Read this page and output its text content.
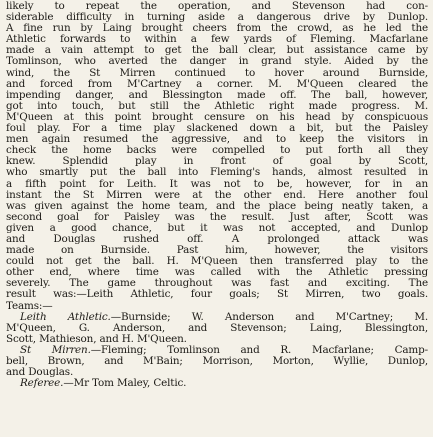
likely to repeat the operation, and Stevenson had con-
siderable difficulty in turning aside a dangerous drive by Dunlop.
A fine run by Laing brought cheers from the crowd, as he led the
Athletic forwards to within a few yards of Fleming. Macfarlane
made a vain attempt to get the ball clear, but assistance came by
Tomlinson, who averted the danger in grand style. Aided by the
wind, the St Mirren continued to hover around Burnside,
and forced from M'Cartney a corner. M. M'Queen cleared the
impending danger, and Blessington made off. The ball, however,
got into touch, but still the Athletic right made progress. M.
M'Queen at this point brought censure on his head by conspicuous
foul play. For a time play slackened down a bit, but the Paisley
men again resumed the aggressive, and to keep the visitors in
check the home backs were compelled to put forth all they
knew. Splendid play in front of goal by Scott,
who smartly put the ball into Fleming's hands, almost resulted in
a fifth point for Leith. It was not to be, however, for in an
instant the St Mirren were at the other end. Here another foul
was given against the home team, and the place being neatly taken, a
second goal for Paisley was the result. Just after, Scott was
given a good chance, but it was not accepted, and Dunlop
and Douglas rushed off. A prolonged attack was
made on Burnside. Past him, however, the visitors
could not get the ball. H. M'Queen then transferred play to the
other end, where time was called with the Athletic pressing
severely. The game throughout was fast and exciting. The
result was:—Leith Athletic, four goals; St Mirren, two goals.
Teams:—
Leith Athletic.—Burnside; W. Anderson and M'Cartney; M.
M'Queen, G. Anderson, and Stevenson; Laing, Blessington,
Scott, Mathieson, and H. M'Queen.
St Mirren.—Fleming; Tomlinson and R. Macfarlane; Camp-
bell, Brown, and M'Bain; Morrison, Morton, Wyllie, Dunlop,
and Douglas.
Referee.—Mr Tom Maley, Celtic.
